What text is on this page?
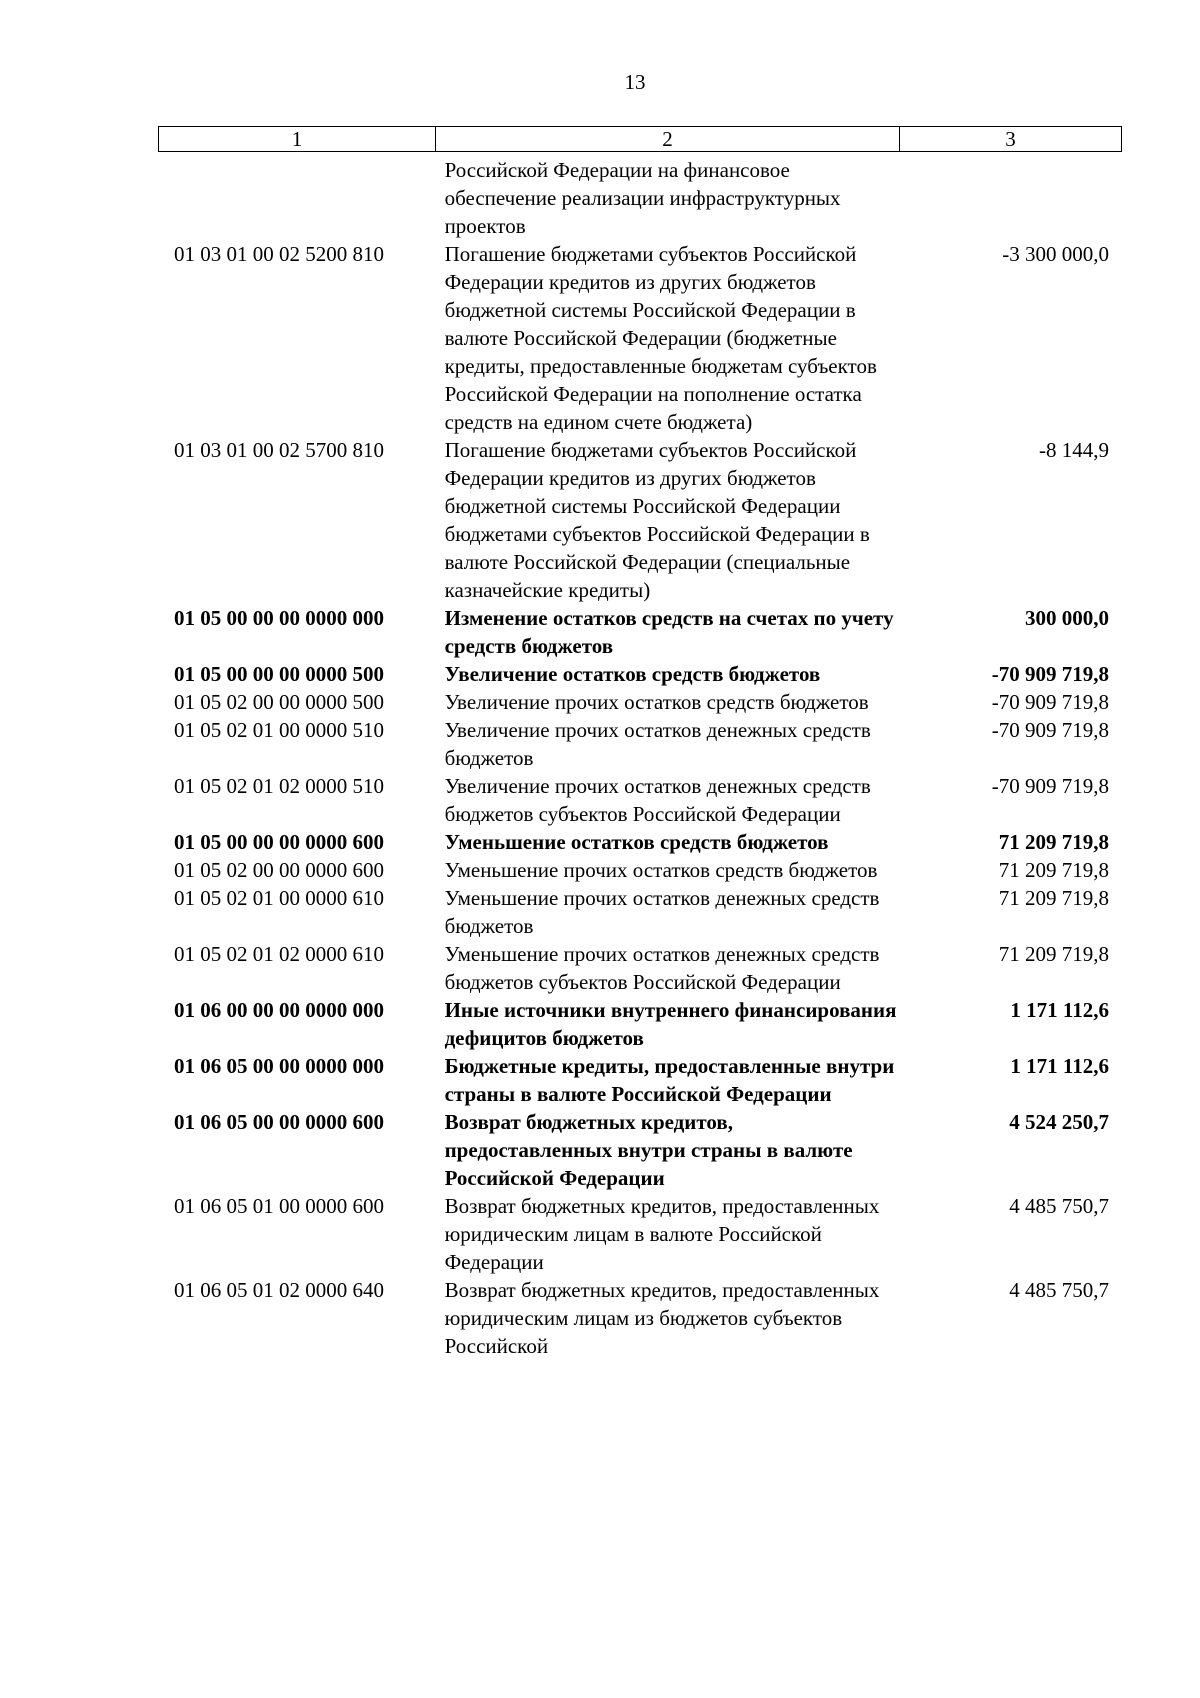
13
1	2	3
	Российской Федерации на финансовое обеспечение реализации инфраструктурных проектов	
01 03 01 00 02 5200 810	Погашение бюджетами субъектов Российской Федерации кредитов из других бюджетов бюджетной системы Российской Федерации в валюте Российской Федерации (бюджетные кредиты, предоставленные бюджетам субъектов Российской Федерации на пополнение остатка средств на едином счете бюджета)	-3 300 000,0
01 03 01 00 02 5700 810	Погашение бюджетами субъектов Российской Федерации кредитов из других бюджетов бюджетной системы Российской Федерации бюджетами субъектов Российской Федерации в валюте Российской Федерации (специальные казначейские кредиты)	-8 144,9
01 05 00 00 00 0000 000	Изменение остатков средств на счетах по учету средств бюджетов	300 000,0
01 05 00 00 00 0000 500	Увеличение остатков средств бюджетов	-70 909 719,8
01 05 02 00 00 0000 500	Увеличение прочих остатков средств бюджетов	-70 909 719,8
01 05 02 01 00 0000 510	Увеличение прочих остатков денежных средств бюджетов	-70 909 719,8
01 05 02 01 02 0000 510	Увеличение прочих остатков денежных средств бюджетов субъектов Российской Федерации	-70 909 719,8
01 05 00 00 00 0000 600	Уменьшение остатков средств бюджетов	71 209 719,8
01 05 02 00 00 0000 600	Уменьшение прочих остатков средств бюджетов	71 209 719,8
01 05 02 01 00 0000 610	Уменьшение прочих остатков денежных средств бюджетов	71 209 719,8
01 05 02 01 02 0000 610	Уменьшение прочих остатков денежных средств бюджетов субъектов Российской Федерации	71 209 719,8
01 06 00 00 00 0000 000	Иные источники внутреннего финансирования дефицитов бюджетов	1 171 112,6
01 06 05 00 00 0000 000	Бюджетные кредиты, предоставленные внутри страны в валюте Российской Федерации	1 171 112,6
01 06 05 00 00 0000 600	Возврат бюджетных кредитов, предоставленных внутри страны в валюте Российской Федерации	4 524 250,7
01 06 05 01 00 0000 600	Возврат бюджетных кредитов, предоставленных юридическим лицам в валюте Российской Федерации	4 485 750,7
01 06 05 01 02 0000 640	Возврат бюджетных кредитов, предоставленных юридическим лицам из бюджетов субъектов Российской	4 485 750,7
